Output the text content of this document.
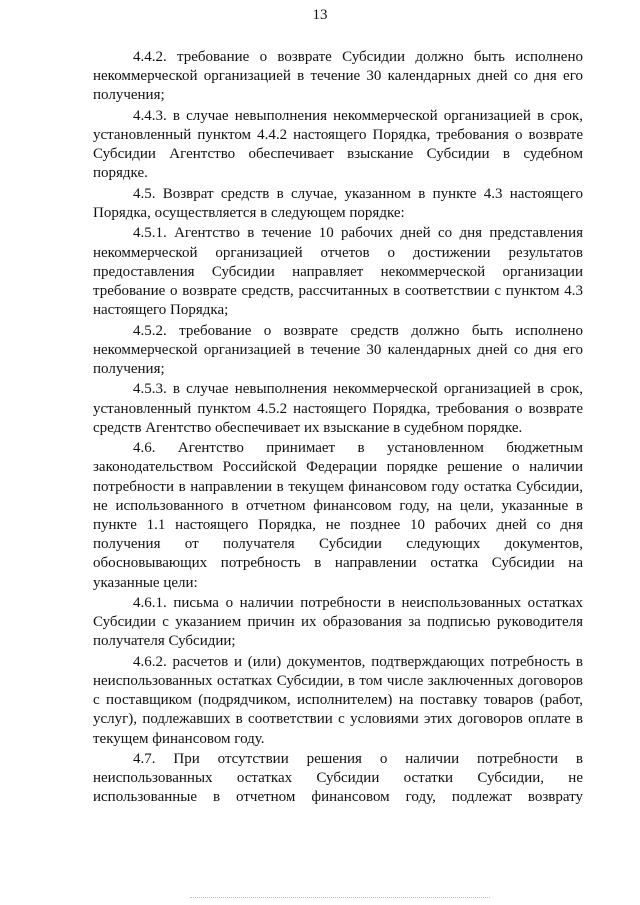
13

4.4.2. требование о возврате Субсидии должно быть исполнено некоммерческой организацией в течение 30 календарных дней со дня его получения;

4.4.3. в случае невыполнения некоммерческой организацией в срок, установленный пунктом 4.4.2 настоящего Порядка, требования о возврате Субсидии Агентство обеспечивает взыскание Субсидии в судебном порядке.

4.5. Возврат средств в случае, указанном в пункте 4.3 настоящего Порядка, осуществляется в следующем порядке:

4.5.1. Агентство в течение 10 рабочих дней со дня представления некоммерческой организацией отчетов о достижении результатов предоставления Субсидии направляет некоммерческой организации требование о возврате средств, рассчитанных в соответствии с пунктом 4.3 настоящего Порядка;

4.5.2. требование о возврате средств должно быть исполнено некоммерческой организацией в течение 30 календарных дней со дня его получения;

4.5.3. в случае невыполнения некоммерческой организацией в срок, установленный пунктом 4.5.2 настоящего Порядка, требования о возврате средств Агентство обеспечивает их взыскание в судебном порядке.

4.6. Агентство принимает в установленном бюджетным законодательством Российской Федерации порядке решение о наличии потребности в направлении в текущем финансовом году остатка Субсидии, не использованного в отчетном финансовом году, на цели, указанные в пункте 1.1 настоящего Порядка, не позднее 10 рабочих дней со дня получения от получателя Субсидии следующих документов, обосновывающих потребность в направлении остатка Субсидии на указанные цели:

4.6.1. письма о наличии потребности в неиспользованных остатках Субсидии с указанием причин их образования за подписью руководителя получателя Субсидии;

4.6.2. расчетов и (или) документов, подтверждающих потребность в неиспользованных остатках Субсидии, в том числе заключенных договоров с поставщиком (подрядчиком, исполнителем) на поставку товаров (работ, услуг), подлежавших в соответствии с условиями этих договоров оплате в текущем финансовом году.

4.7. При отсутствии решения о наличии потребности в неиспользованных остатках Субсидии остатки Субсидии, не использованные в отчетном финансовом году, подлежат возврату
